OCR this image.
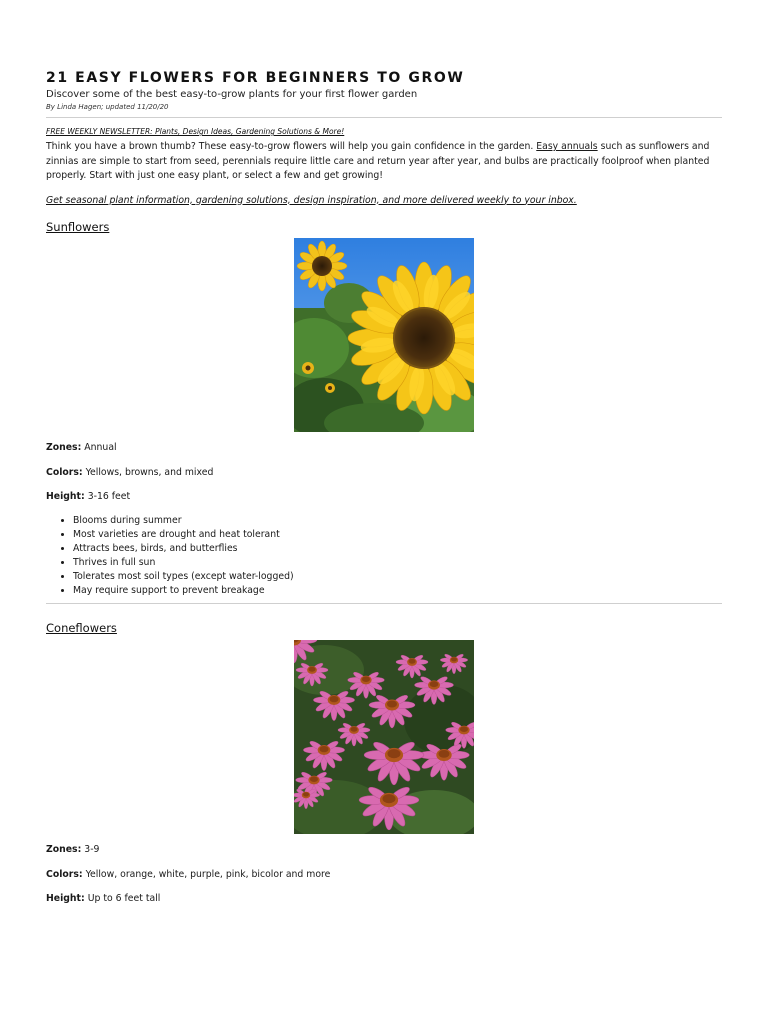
21 EASY FLOWERS FOR BEGINNERS TO GROW

Discover some of the best easy-to-grow plants for your first flower garden

By Linda Hagen; updated 11/20/20

FREE WEEKLY NEWSLETTER: Plants, Design Ideas, Gardening Solutions & More!

Think you have a brown thumb? These easy-to-grow flowers will help you gain confidence in the garden. Easy annuals such as sunflowers and zinnias are simple to start from seed, perennials require little care and return year after year, and bulbs are practically foolproof when planted properly. Start with just one easy plant, or select a few and get growing!

Get seasonal plant information, gardening solutions, design inspiration, and more delivered weekly to your inbox.
Sunflowers

Zones: Annual

Colors: Yellows, browns, and mixed

Height: 3-16 feet

• Blooms during summer
• Most varieties are drought and heat tolerant
• Attracts bees, birds, and butterflies
• Thrives in full sun
• Tolerates most soil types (except water-logged)
• May require support to prevent breakage
Coneflowers

Zones: 3-9

Colors: Yellow, orange, white, purple, pink, bicolor and more

Height: Up to 6 feet tall
